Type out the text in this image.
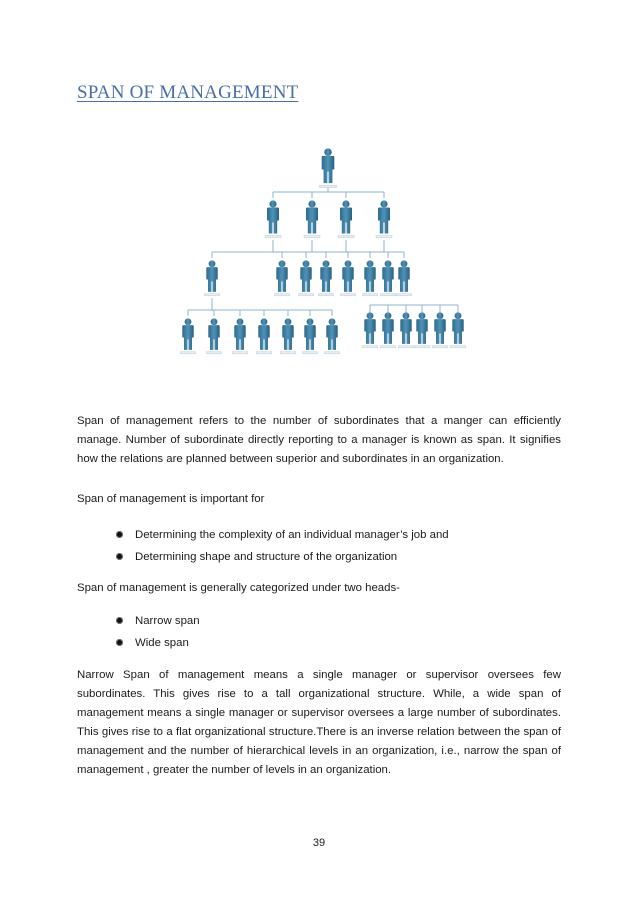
SPAN OF MANAGEMENT

Span of management refers to the number of subordinates that a manger can efficiently manage. Number of subordinate directly reporting to a manager is known as span. It signifies how the relations are planned between superior and subordinates in an organization.

Span of management is important for

Determining the complexity of an individual manager’s job and
Determining shape and structure of the organization

Span of management is generally categorized under two heads-

Narrow span
Wide span

Narrow Span of management means a single manager or supervisor oversees few subordinates. This gives rise to a tall organizational structure. While, a wide span of management means a single manager or supervisor oversees a large number of subordinates. This gives rise to a flat organizational structure.There is an inverse relation between the span of management and the number of hierarchical levels in an organization, i.e., narrow the span of management , greater the number of levels in an organization.

39
